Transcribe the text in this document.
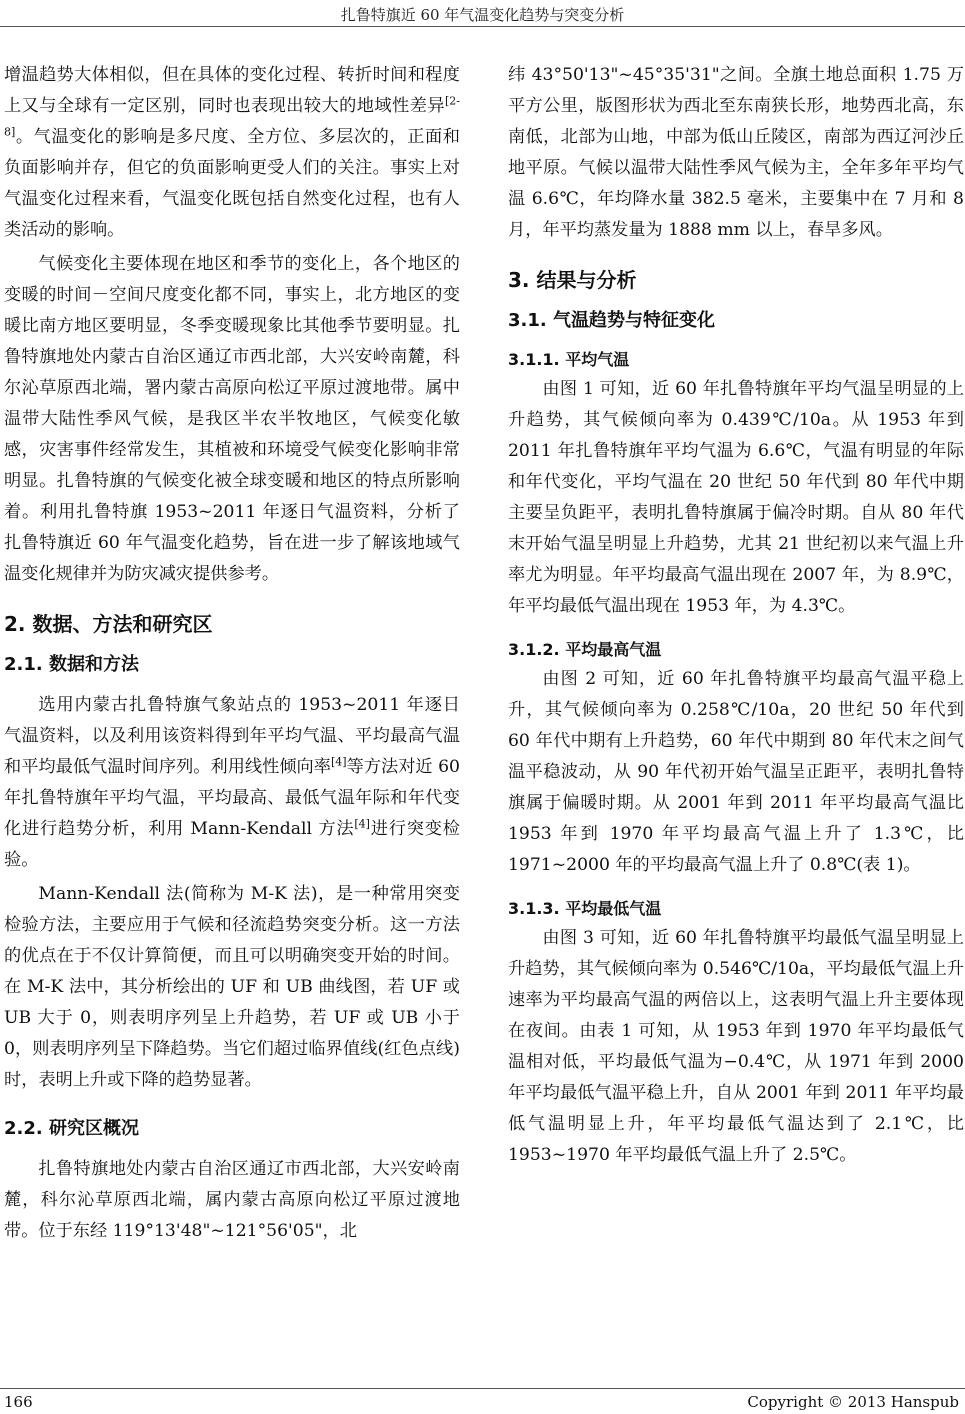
扎鲁特旗近 60 年气温变化趋势与突变分析

增温趋势大体相似，但在具体的变化过程、转折时间和程度上又与全球有一定区别，同时也表现出较大的地域性差异[2-8]。气温变化的影响是多尺度、全方位、多层次的，正面和负面影响并存，但它的负面影响更受人们的关注。事实上对气温变化过程来看，气温变化既包括自然变化过程，也有人类活动的影响。

气候变化主要体现在地区和季节的变化上，各个地区的变暖的时间－空间尺度变化都不同，事实上，北方地区的变暖比南方地区要明显，冬季变暖现象比其他季节要明显。扎鲁特旗地处内蒙古自治区通辽市西北部，大兴安岭南麓，科尔沁草原西北端，署内蒙古高原向松辽平原过渡地带。属中温带大陆性季风气候，是我区半农半牧地区，气候变化敏感，灾害事件经常发生，其植被和环境受气候变化影响非常明显。扎鲁特旗的气候变化被全球变暖和地区的特点所影响着。利用扎鲁特旗 1953~2011 年逐日气温资料，分析了扎鲁特旗近 60 年气温变化趋势，旨在进一步了解该地域气温变化规律并为防灾减灾提供参考。

2. 数据、方法和研究区
2.1. 数据和方法

选用内蒙古扎鲁特旗气象站点的 1953~2011 年逐日气温资料，以及利用该资料得到年平均气温、平均最高气温和平均最低气温时间序列。利用线性倾向率[4]等方法对近 60 年扎鲁特旗年平均气温，平均最高、最低气温年际和年代变化进行趋势分析，利用 Mann-Kendall 方法[4]进行突变检验。

Mann-Kendall 法(简称为 M-K 法)，是一种常用突变检验方法，主要应用于气候和径流趋势突变分析。这一方法的优点在于不仅计算简便，而且可以明确突变开始的时间。在 M-K 法中，其分析绘出的 UF 和 UB 曲线图，若 UF 或 UB 大于 0，则表明序列呈上升趋势，若 UF 或 UB 小于 0，则表明序列呈下降趋势。当它们超过临界值线(红色点线)时，表明上升或下降的趋势显著。

2.2. 研究区概况

扎鲁特旗地处内蒙古自治区通辽市西北部，大兴安岭南麓，科尔沁草原西北端，属内蒙古高原向松辽平原过渡地带。位于东经 119°13'48"~121°56'05"，北

纬 43°50'13"~45°35'31"之间。全旗土地总面积 1.75 万平方公里，版图形状为西北至东南狭长形，地势西北高，东南低，北部为山地，中部为低山丘陵区，南部为西辽河沙丘地平原。气候以温带大陆性季风气候为主，全年多年平均气温 6.6℃，年均降水量 382.5 毫米，主要集中在 7 月和 8 月，年平均蒸发量为 1888 mm 以上，春旱多风。

3. 结果与分析
3.1. 气温趋势与特征变化
3.1.1. 平均气温

由图 1 可知，近 60 年扎鲁特旗年平均气温呈明显的上升趋势，其气候倾向率为 0.439℃/10a。从 1953 年到 2011 年扎鲁特旗年平均气温为 6.6℃，气温有明显的年际和年代变化，平均气温在 20 世纪 50 年代到 80 年代中期主要呈负距平，表明扎鲁特旗属于偏冷时期。自从 80 年代末开始气温呈明显上升趋势，尤其 21 世纪初以来气温上升率尤为明显。年平均最高气温出现在 2007 年，为 8.9℃，年平均最低气温出现在 1953 年，为 4.3℃。

3.1.2. 平均最高气温

由图 2 可知，近 60 年扎鲁特旗平均最高气温平稳上升，其气候倾向率为 0.258℃/10a，20 世纪 50 年代到 60 年代中期有上升趋势，60 年代中期到 80 年代末之间气温平稳波动，从 90 年代初开始气温呈正距平，表明扎鲁特旗属于偏暖时期。从 2001 年到 2011 年平均最高气温比 1953 年到 1970 年平均最高气温上升了 1.3℃，比 1971~2000 年的平均最高气温上升了 0.8℃(表 1)。

3.1.3. 平均最低气温

由图 3 可知，近 60 年扎鲁特旗平均最低气温呈明显上升趋势，其气候倾向率为 0.546℃/10a，平均最低气温上升速率为平均最高气温的两倍以上，这表明气温上升主要体现在夜间。由表 1 可知，从 1953 年到 1970 年平均最低气温相对低，平均最低气温为−0.4℃，从 1971 年到 2000 年平均最低气温平稳上升，自从 2001 年到 2011 年平均最低气温明显上升，年平均最低气温达到了 2.1℃，比 1953~1970 年平均最低气温上升了 2.5℃。

166	Copyright © 2013 Hanspub
